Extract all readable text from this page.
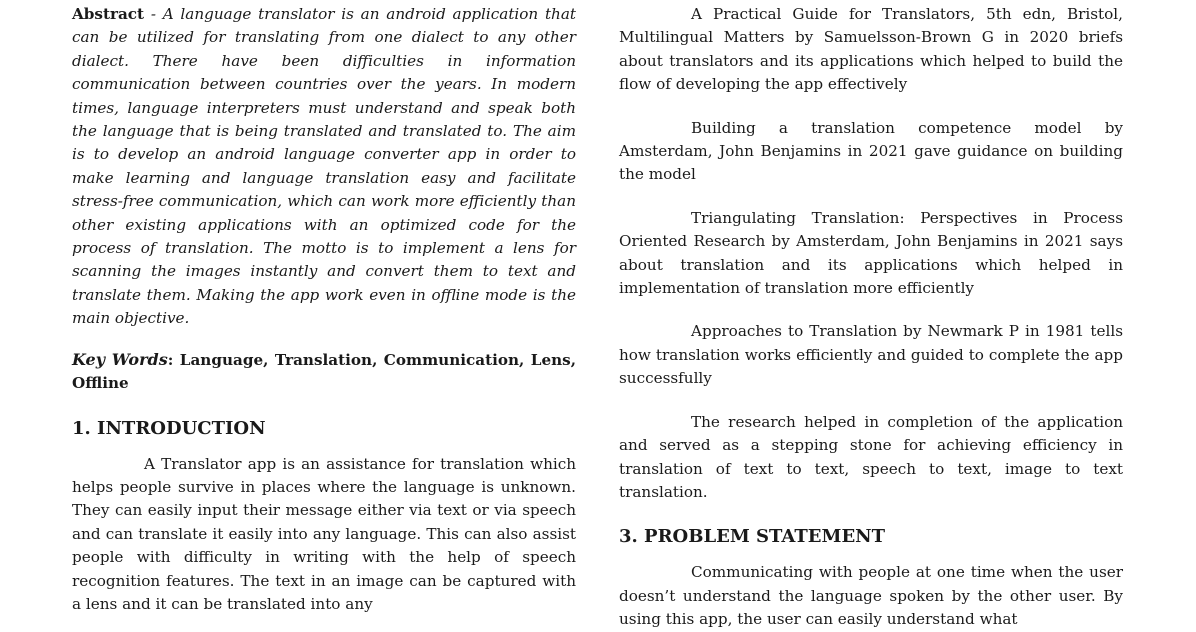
Abstract - A language translator is an android application that can be utilized for translating from one dialect to any other dialect. There have been difficulties in information communication between countries over the years. In modern times, language interpreters must understand and speak both the language that is being translated and translated to. The aim is to develop an android language converter app in order to make learning and language translation easy and facilitate stress-free communication, which can work more efficiently than other existing applications with an optimized code for the process of translation. The motto is to implement a lens for scanning the images instantly and convert them to text and translate them. Making the app work even in offline mode is the main objective.

Key Words: Language, Translation, Communication, Lens, Offline

1. INTRODUCTION

A Translator app is an assistance for translation which helps people survive in places where the language is unknown. They can easily input their message either via text or via speech and can translate it easily into any language. This can also assist people with difficulty in writing with the help of speech recognition features. The text in an image can be captured with a lens and it can be translated into any

A Practical Guide for Translators, 5th edn, Bristol, Multilingual Matters by Samuelsson-Brown G in 2020 briefs about translators and its applications which helped to build the flow of developing the app effectively

Building a translation competence model by Amsterdam, John Benjamins in 2021 gave guidance on building the model

Triangulating Translation: Perspectives in Process Oriented Research by Amsterdam, John Benjamins in 2021 says about translation and its applications which helped in implementation of translation more efficiently

Approaches to Translation by Newmark P in 1981 tells how translation works efficiently and guided to complete the app successfully

The research helped in completion of the application and served as a stepping stone for achieving efficiency in translation of text to text, speech to text, image to text translation.

3. PROBLEM STATEMENT

Communicating with people at one time when the user doesn’t understand the language spoken by the other user. By using this app, the user can easily understand what
